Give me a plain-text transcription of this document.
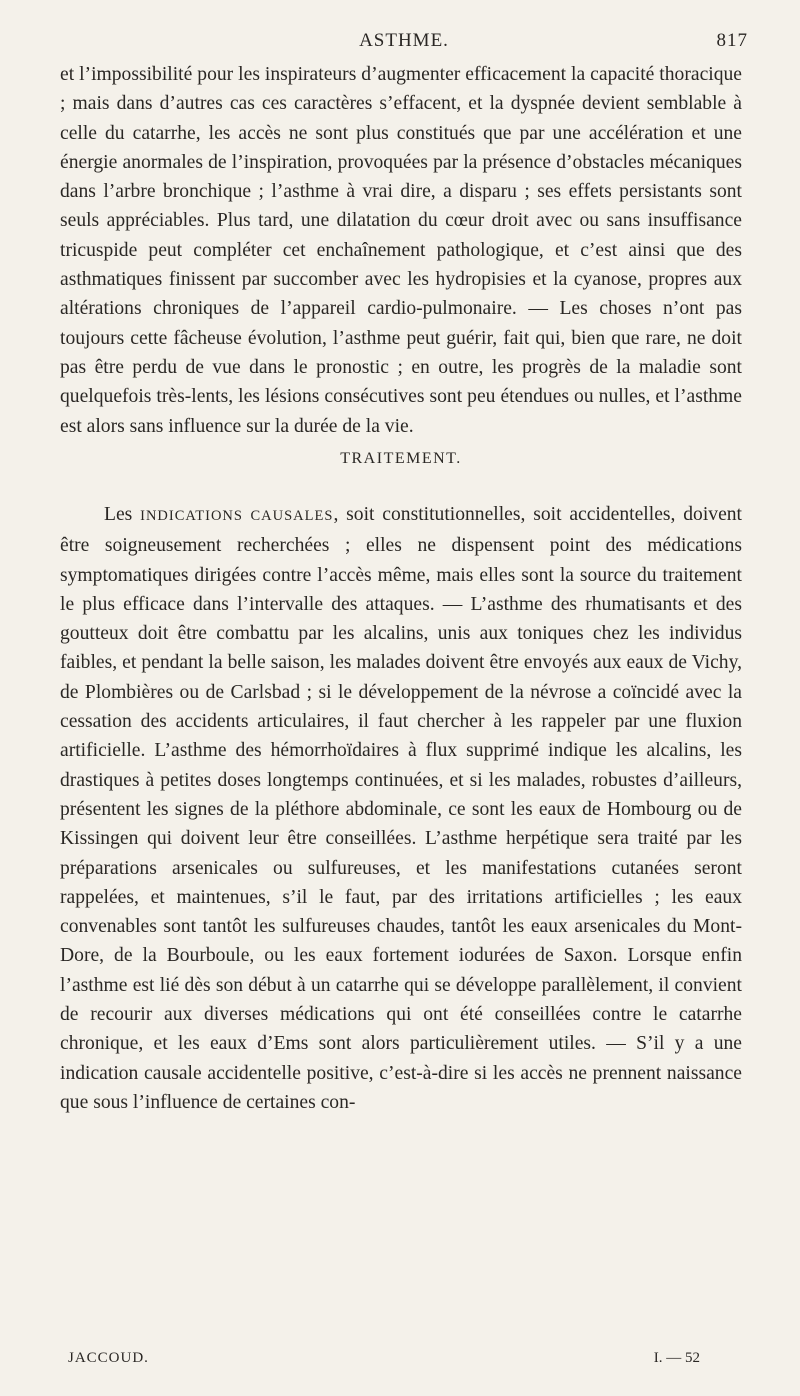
ASTHME.	817

et l’impossibilité pour les inspirateurs d’augmenter efficacement la capacité thoracique ; mais dans d’autres cas ces caractères s’effacent, et la dyspnée devient semblable à celle du catarrhe, les accès ne sont plus constitués que par une accélération et une énergie anormales de l’inspiration, provoquées par la présence d’obstacles mécaniques dans l’arbre bronchique ; l’asthme à vrai dire, a disparu ; ses effets persistants sont seuls appréciables. Plus tard, une dilatation du cœur droit avec ou sans insuffisance tricuspide peut compléter cet enchaînement pathologique, et c’est ainsi que des asthmatiques finissent par succomber avec les hydropisies et la cyanose, propres aux altérations chroniques de l’appareil cardio-pulmonaire. — Les choses n’ont pas toujours cette fâcheuse évolution, l’asthme peut guérir, fait qui, bien que rare, ne doit pas être perdu de vue dans le pronostic ; en outre, les progrès de la maladie sont quelquefois très-lents, les lésions consécutives sont peu étendues ou nulles, et l’asthme est alors sans influence sur la durée de la vie.

TRAITEMENT.

Les INDICATIONS CAUSALES, soit constitutionnelles, soit accidentelles, doivent être soigneusement recherchées ; elles ne dispensent point des médications symptomatiques dirigées contre l’accès même, mais elles sont la source du traitement le plus efficace dans l’intervalle des attaques. — L’asthme des rhumatisants et des goutteux doit être combattu par les alcalins, unis aux toniques chez les individus faibles, et pendant la belle saison, les malades doivent être envoyés aux eaux de Vichy, de Plombières ou de Carlsbad ; si le développement de la névrose a coïncidé avec la cessation des accidents articulaires, il faut chercher à les rappeler par une fluxion artificielle. L’asthme des hémorrhoïdaires à flux supprimé indique les alcalins, les drastiques à petites doses longtemps continuées, et si les malades, robustes d’ailleurs, présentent les signes de la pléthore abdominale, ce sont les eaux de Hombourg ou de Kissingen qui doivent leur être conseillées. L’asthme herpétique sera traité par les préparations arsenicales ou sulfureuses, et les manifestations cutanées seront rappelées, et maintenues, s’il le faut, par des irritations artificielles ; les eaux convenables sont tantôt les sulfureuses chaudes, tantôt les eaux arsenicales du Mont-Dore, de la Bourboule, ou les eaux fortement iodurées de Saxon. Lorsque enfin l’asthme est lié dès son début à un catarrhe qui se développe parallèlement, il convient de recourir aux diverses médications qui ont été conseillées contre le catarrhe chronique, et les eaux d’Ems sont alors particulièrement utiles. — S’il y a une indication causale accidentelle positive, c’est-à-dire si les accès ne prennent naissance que sous l’influence de certaines con-

JACCOUD.	I. — 52
